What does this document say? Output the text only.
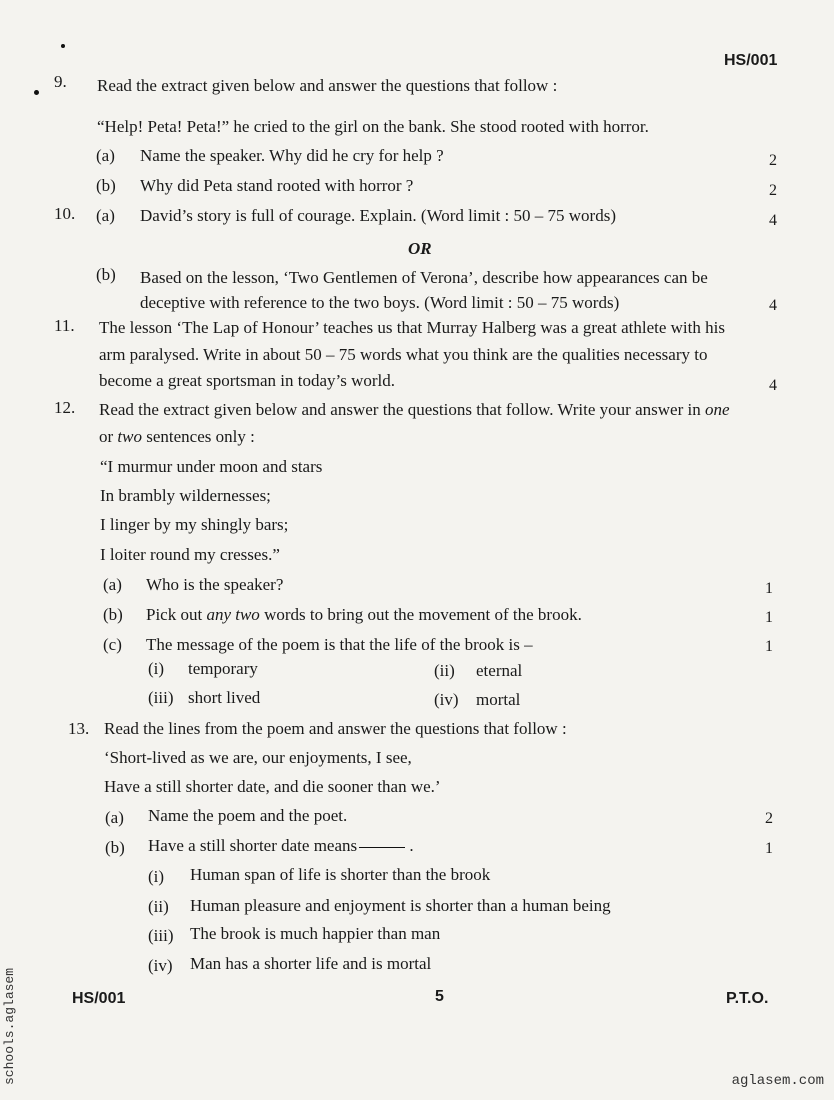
HS/001
9. Read the extract given below and answer the questions that follow :
“Help! Peta! Peta!” he cried to the girl on the bank. She stood rooted with horror.
(a) Name the speaker. Why did he cry for help ?	2
(b) Why did Peta stand rooted with horror ?	2
10. (a) David’s story is full of courage. Explain. (Word limit : 50 – 75 words)	4
OR
(b) Based on the lesson, ‘Two Gentlemen of Verona’, describe how appearances can be
deceptive with reference to the two boys. (Word limit : 50 – 75 words)	4
11. The lesson ‘The Lap of Honour’ teaches us that Murray Halberg was a great athlete with his
arm paralysed. Write in about 50 – 75 words what you think are the qualities necessary to
become a great sportsman in today’s world.	4
12. Read the extract given below and answer the questions that follow. Write your answer in one
or two sentences only :
“I murmur under moon and stars
In brambly wildernesses;
I linger by my shingly bars;
I loiter round my cresses.”
(a) Who is the speaker?	1
(b) Pick out any two words to bring out the movement of the brook.	1
(c) The message of the poem is that the life of the brook is –	1
(i) temporary	(ii) eternal
(iii) short lived	(iv) mortal
13. Read the lines from the poem and answer the questions that follow :
‘Short-lived as we are, our enjoyments, I see,
Have a still shorter date, and die sooner than we.’
(a) Name the poem and the poet.	2
(b) Have a still shorter date means	.	1
(i) Human span of life is shorter than the brook
(ii) Human pleasure and enjoyment is shorter than a human being
(iii) The brook is much happier than man
(iv) Man has a shorter life and is mortal
HS/001	5	P.T.O.
schools.aglasem	aglasem.com
